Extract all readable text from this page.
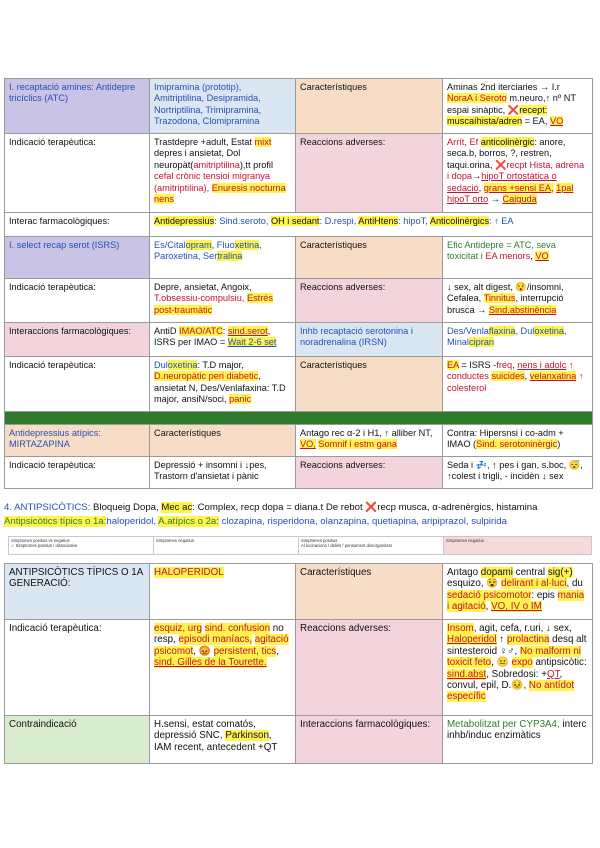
I. recaptació amines: Antidepre tricíclics (ATC)	Imipramina (prototip), Amitriptilina, Desipramida, Nortriptilina, Trimipramina, Trazodona, Clomipramina	Característiques	Aminas 2nd iterciaries → I.r NoraA i Seroto m.neuro,↑ nº NT espai sinàptic, ❌recept: muscaíhista/adren = EA, VO
Indicació terapèutica:	Trastdepre +adult, Estat mixt depres i ansietat, Dol neuropàt(amitriptilina),tt profil cefal crònic tensioi migranya (amitriptilina), Enuresis nocturna nens	Reaccions adverses:	Arrít, Ef anticolinèrgic: anore, seca.b, borros, ?, restren, taqui.orina, ❌recpt Hista, adrena i dopa→hipoT ortostàtica o sedació, grans +sensi EA, 1pal hipoT orto → Caiguda
Interac farmacològiques:	Antidepressius: Sind.seroto, OH i sedant: D.respi, AntiHtens: hipoT, Anticolinèrgics: ↑ EA		
I. select recap serot (ISRS)	Es/Citalopram, Fluoxetina, Paroxetina, Sertralina	Característiques	Efic Antidepre = ATC, seva toxicitat i EA menors, VO
Indicació terapèutica:	Depre, ansietat, Angoix, T.obsessiu-compulsiu, Estrés post-traumàtic	Reaccions adverses:	↓ sex, alt digest, 😯/insomni, Cefalea, Tinnitus, interrupció brusca → Sind.abstinència
Interaccions farmacològiques:	AntiD IMAO/ATC: sind.serot, ISRS per IMAO = Wait 2-6 set	Inhb recaptació serotonina i noradrenalina (IRSN)	Des/Venlaflaxina, Duloxetina, Minalcipran
Indicació terapèutica:	Duloxetina: T.D major, D.neuropàtic peri diabetic, ansietat N, Des/Venlafaxina: T.D major, ansiN/soci, panic	Característiques	EA = ISRS -freq, nens i adolc ↑ conductes suicides, velanxatina ↑ colesterol

Antidepressius atípics: MIRTAZAPINA	Característiques	Antago rec α-2 i H1, ↑ alliber NT, VO, Somnif i estm gana	Contra: Hipersnsi i co-adm + IMAO (Sind. serotoninèrgic)
Indicació terapèutica:	Depressió + insomni i ↓pes, Trastorn d'ansietat i pànic	Reaccions adverses:	Seda i 💤, ↑ pes i gan, s.boc, 😴, ↑colest i trigli, - incidèn ↓ sex
4. ANTIPSICÒTICS: Bloqueig Dopa, Mec ac: Complex, recp dopa = diana.t De rebot ❌recp musca, α-adrenèrgics, histamina
Antipsicòtics típics o 1a:haloperidol, A.atípics o 2a: clozapina, risperidona, olanzapina, quetiapina, aripiprazol, sulpirida
Simptomes positius vs negatius
✓ Simptomes positius / dissociativa
Simptomes negatius	Simptomes positius
Al·lucinacions / deliris / pensament desorganitzat
Simptomes negatius

ANTIPSICÒTICS TÍPICS O 1A GENERACIÓ:	HALOPERIDOL	Característiques	Antago dopami central sig(+) esquizo, 😵 delirant i al·luci, du sedació psicomotor: epis mania i agitació, VO, IV o IM
Indicació terapèutica:	esquiz, urg sind. confusion no resp, episodi maníacs, agitació psicomot, 😡 persistent, tics, sind. Gilles de la Tourette.	Reaccions adverses:	Insom, agit, cefa, r.uri, ↓ sex, Haloperidol ↑ prolactina desq alt sintesteroid ♀♂, No malform ni toxicit feto, 😐 expo antipsicòtic: sind.abst, Sobredosi: +QT, convul, epil, D.😣, No antídot específic
Contraindicació	H.sensi, estat comatós, depressió SNC, Parkinson, IAM recent, antecedent +QT	Interaccions farmacològiques:	Metabolitzat per CYP3A4, interc inhb/induc enzimàtics
